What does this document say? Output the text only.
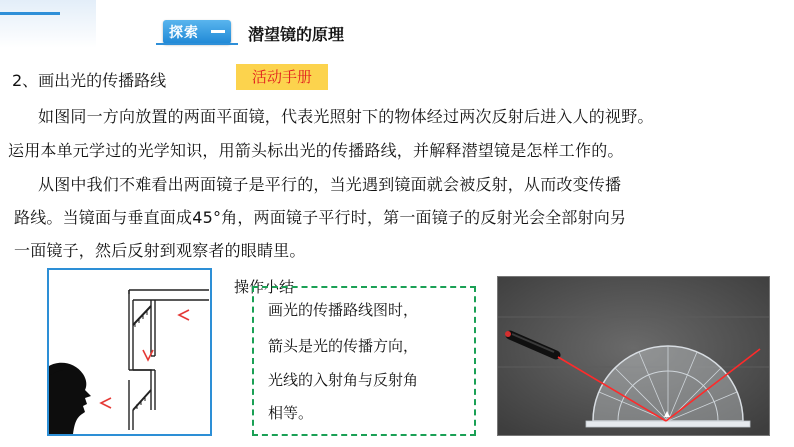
探索	潜望镜的原理
2、画出光的传播路线	活动手册
如图同一方向放置的两面平面镜，代表光照射下的物体经过两次反射后进入人的视野。
运用本单元学过的光学知识，用箭头标出光的传播路线，并解释潜望镜是怎样工作的。
从图中我们不难看出两面镜子是平行的，当光遇到镜面就会被反射，从而改变传播
路线。当镜面与垂直面成45°角，两面镜子平行时，第一面镜子的反射光会全部射向另
一面镜子，然后反射到观察者的眼睛里。
操作小结
画光的传播路线图时，
箭头是光的传播方向，
光线的入射角与反射角
相等。
